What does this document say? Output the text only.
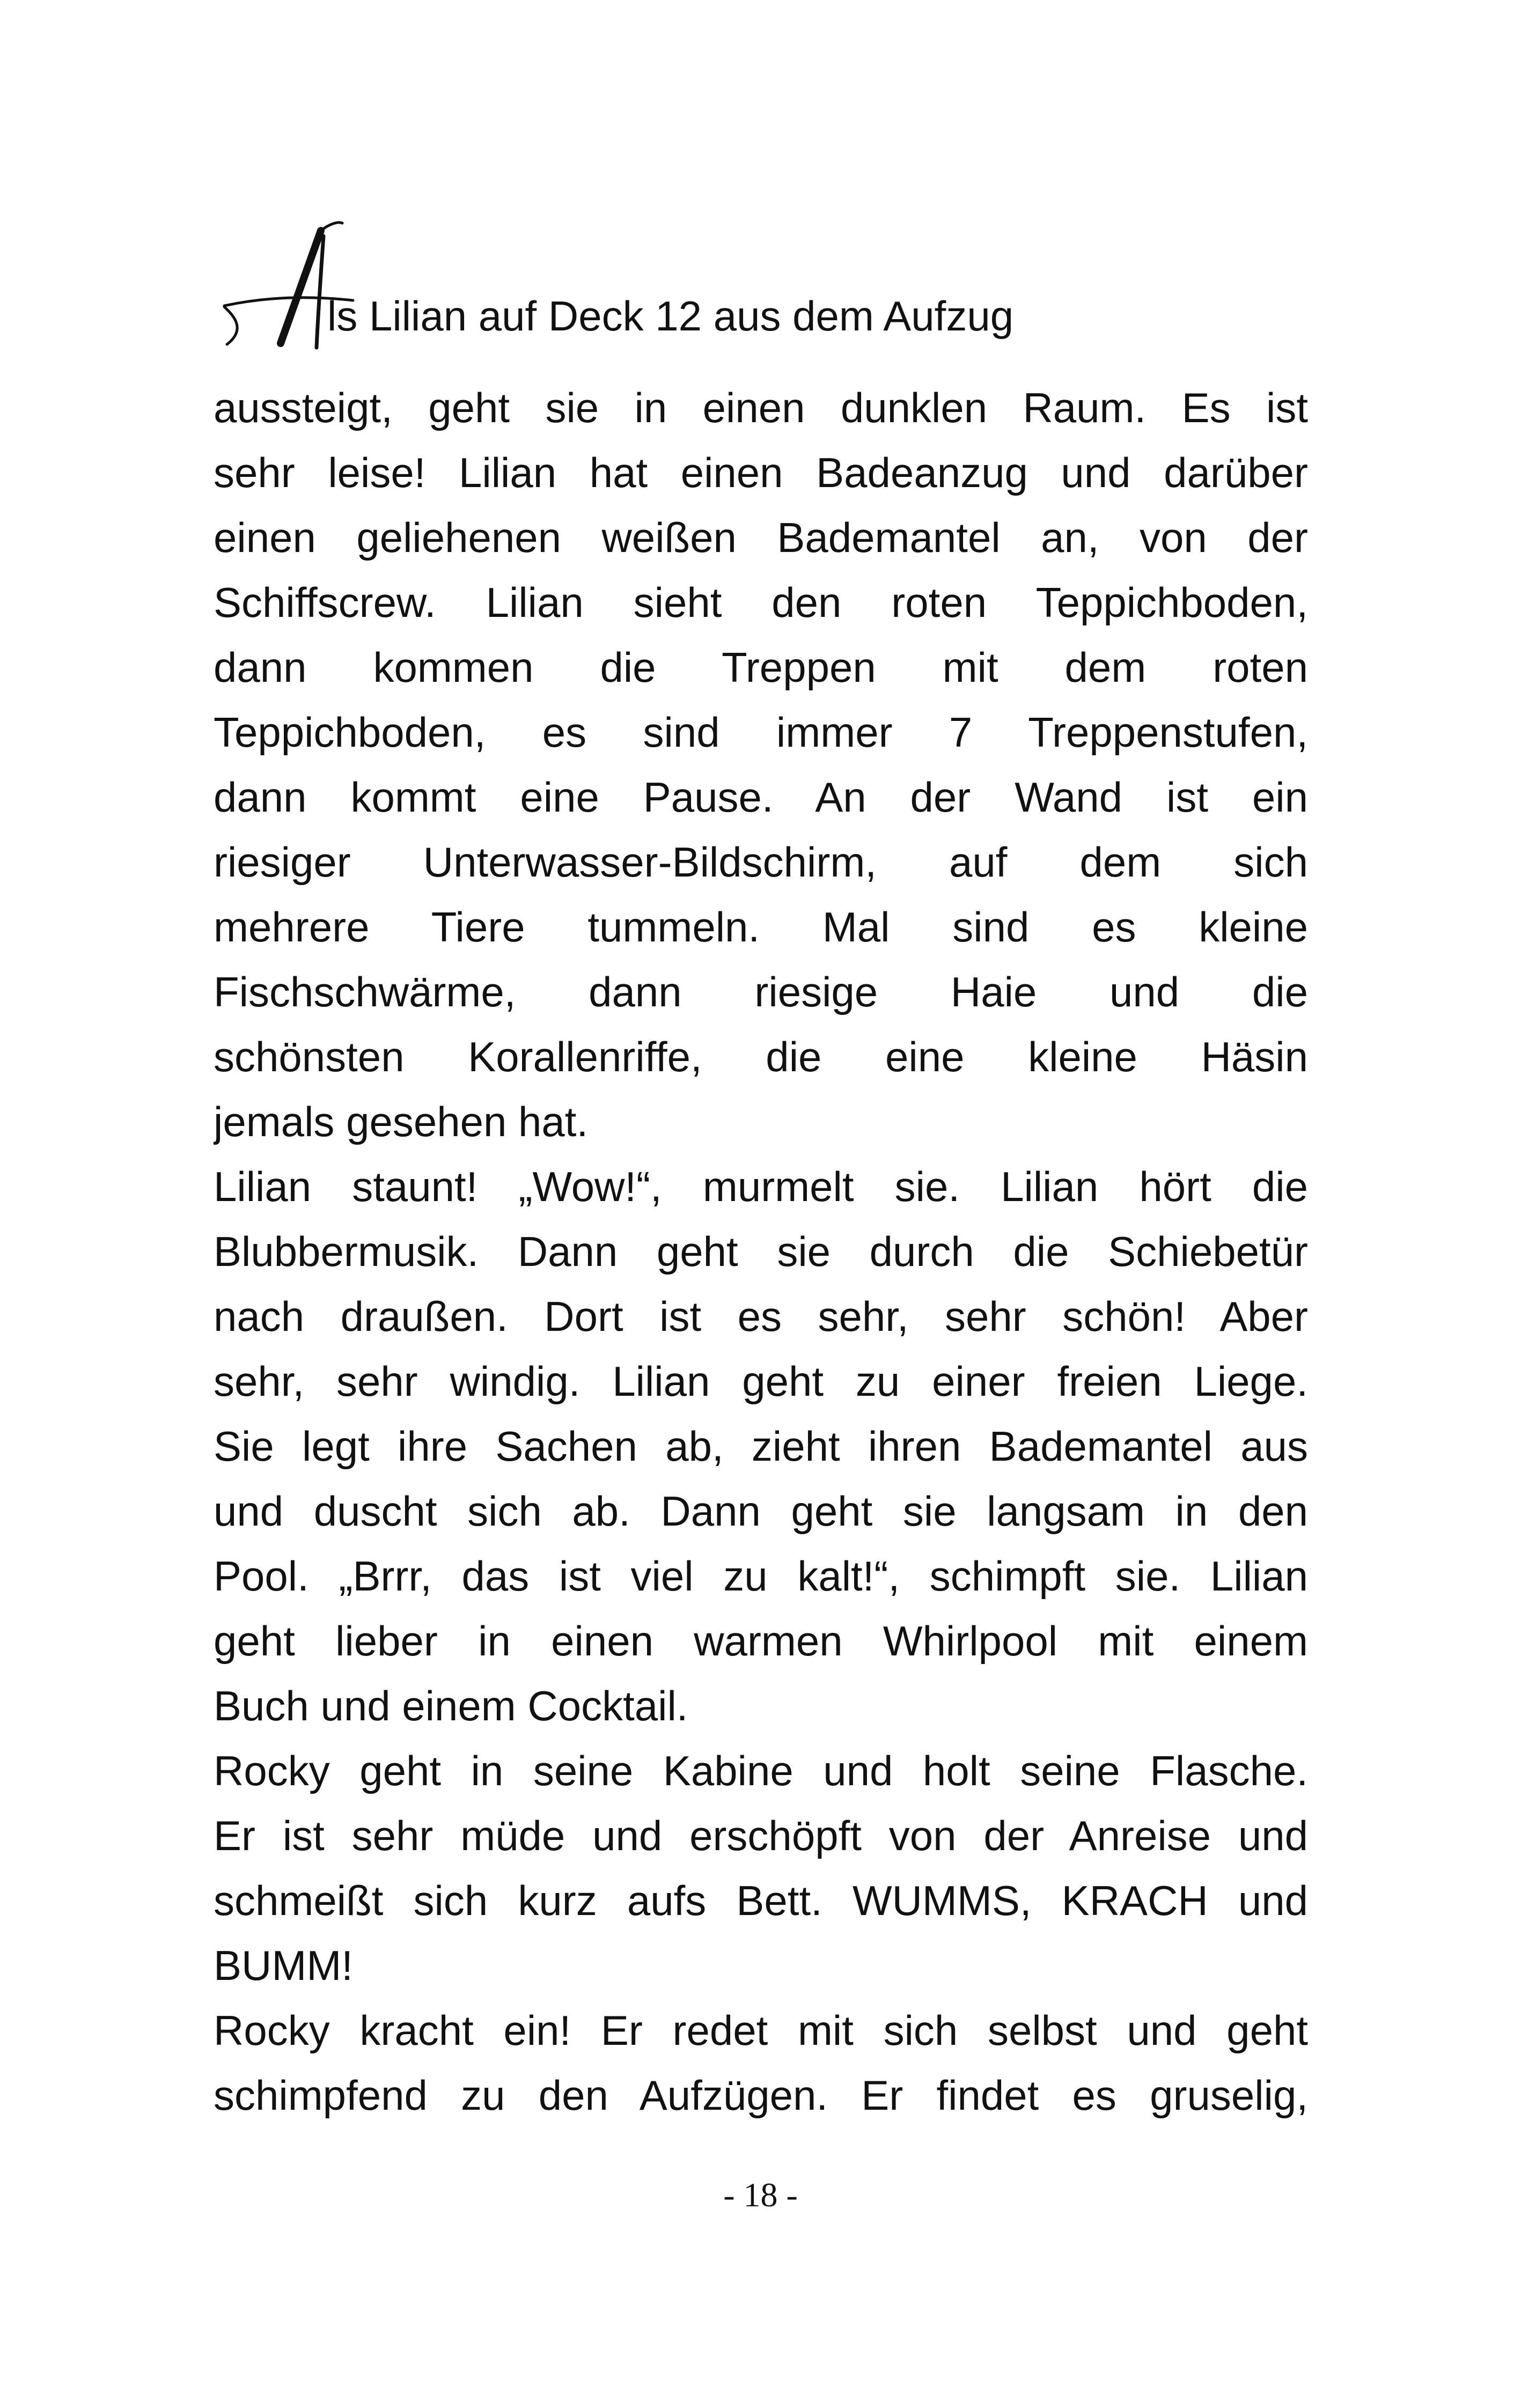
ls Lilian auf Deck 12 aus dem Aufzug
aussteigt, geht sie in einen dunklen Raum. Es ist
sehr leise! Lilian hat einen Badeanzug und darüber
einen geliehenen weißen Bademantel an, von der
Schiffscrew. Lilian sieht den roten Teppichboden,
dann kommen die Treppen mit dem roten
Teppichboden, es sind immer 7 Treppenstufen,
dann kommt eine Pause. An der Wand ist ein
riesiger Unterwasser-Bildschirm, auf dem sich
mehrere Tiere tummeln. Mal sind es kleine
Fischschwärme, dann riesige Haie und die
schönsten Korallenriffe, die eine kleine Häsin
jemals gesehen hat.
Lilian staunt! „Wow!“, murmelt sie. Lilian hört die
Blubbermusik. Dann geht sie durch die Schiebetür
nach draußen. Dort ist es sehr, sehr schön! Aber
sehr, sehr windig. Lilian geht zu einer freien Liege.
Sie legt ihre Sachen ab, zieht ihren Bademantel aus
und duscht sich ab. Dann geht sie langsam in den
Pool. „Brrr, das ist viel zu kalt!“, schimpft sie. Lilian
geht lieber in einen warmen Whirlpool mit einem
Buch und einem Cocktail.
Rocky geht in seine Kabine und holt seine Flasche.
Er ist sehr müde und erschöpft von der Anreise und
schmeißt sich kurz aufs Bett. WUMMS, KRACH und
BUMM!
Rocky kracht ein! Er redet mit sich selbst und geht
schimpfend zu den Aufzügen. Er findet es gruselig,
- 18 -
